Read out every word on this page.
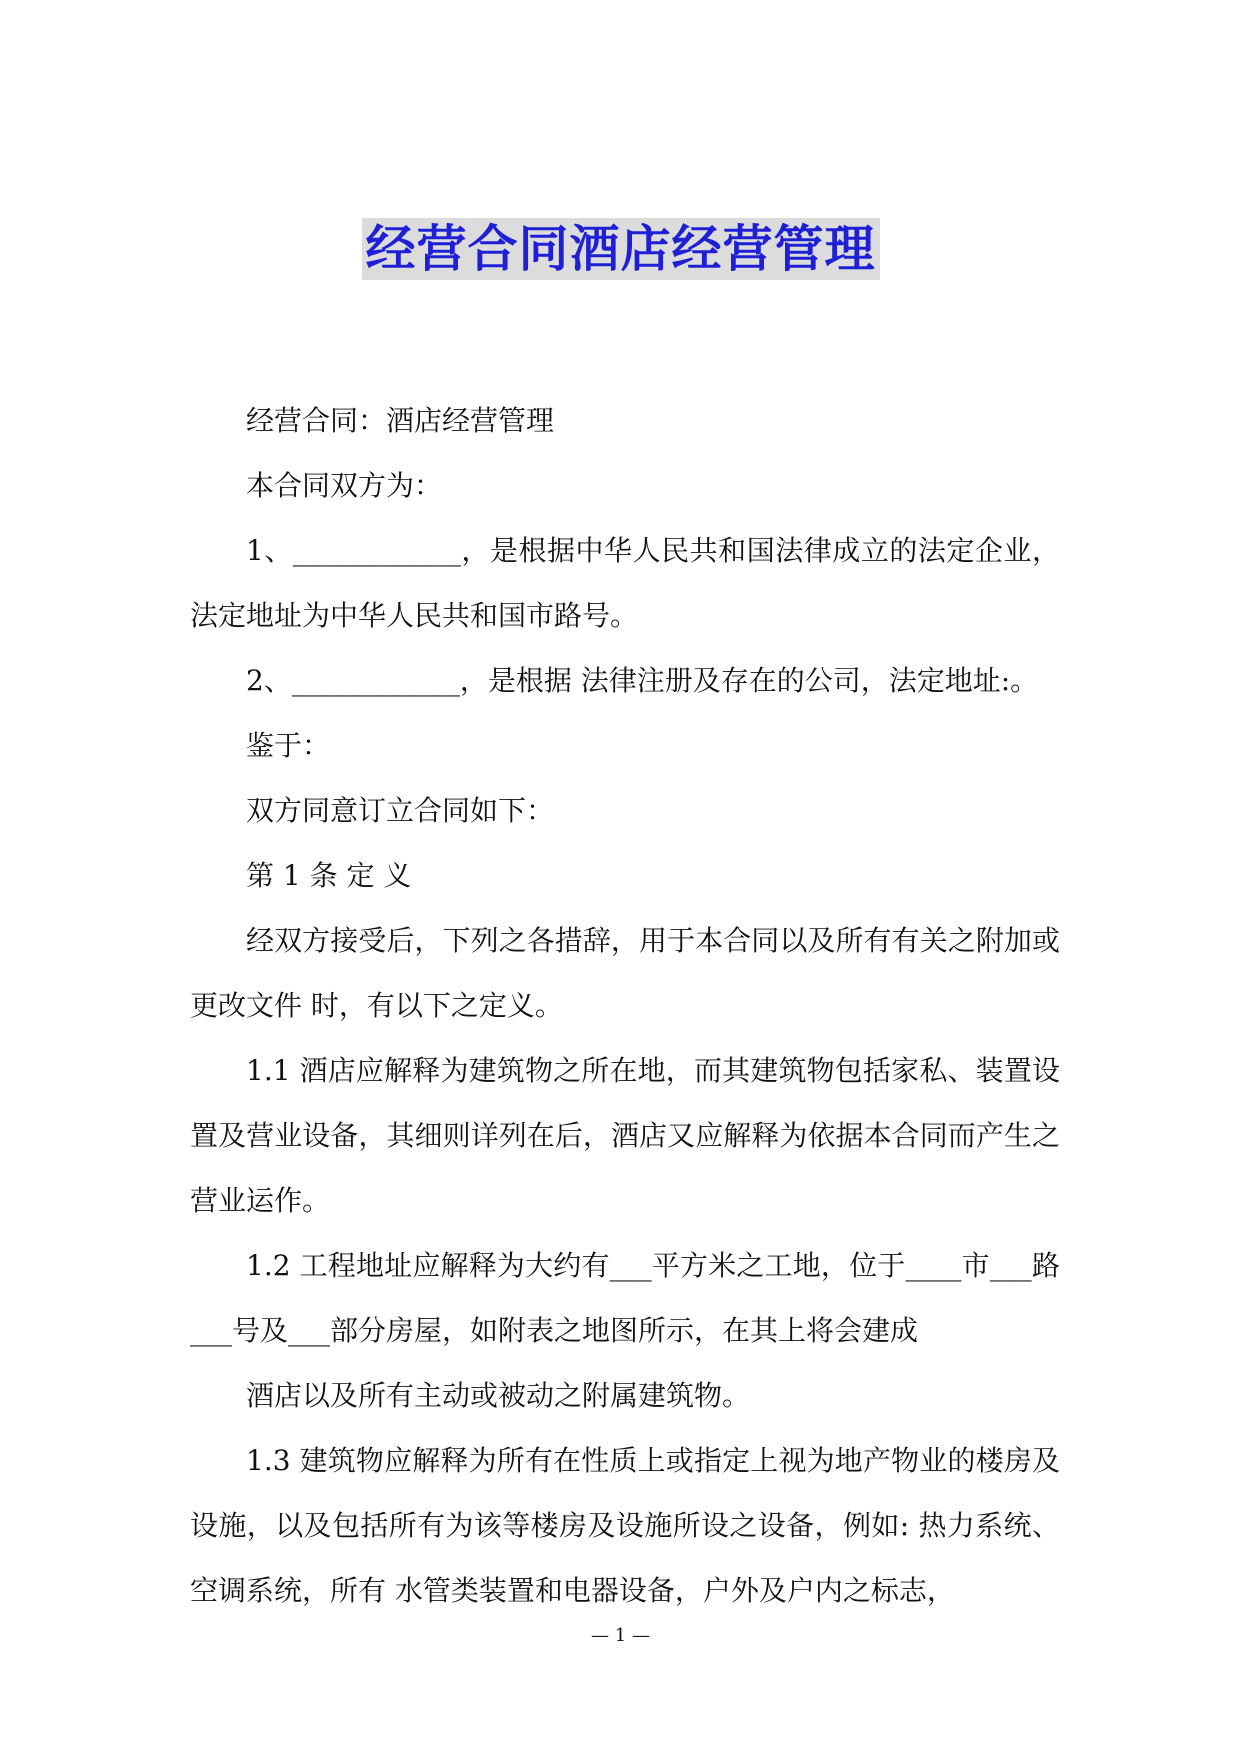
经营合同酒店经营管理

经营合同：酒店经营管理

本合同双方为：

1、____________，是根据中华人民共和国法律成立的法定企业，法定地址为中华人民共和国市路号。

2、____________，是根据 法律注册及存在的公司，法定地址:。

鉴于：

双方同意订立合同如下：

第 1 条 定 义

经双方接受后，下列之各措辞，用于本合同以及所有有关之附加或更改文件 时，有以下之定义。

1.1 酒店应解释为建筑物之所在地，而其建筑物包括家私、装置设置及营业设备，其细则详列在后，酒店又应解释为依据本合同而产生之营业运作。

1.2 工程地址应解释为大约有___平方米之工地，位于____市___路___号及___部分房屋，如附表之地图所示，在其上将会建成

酒店以及所有主动或被动之附属建筑物。

1.3 建筑物应解释为所有在性质上或指定上视为地产物业的楼房及设施，以及包括所有为该等楼房及设施所设之设备，例如: 热力系统、空调系统，所有 水管类装置和电器设备，户外及户内之标志，

— 1 —
